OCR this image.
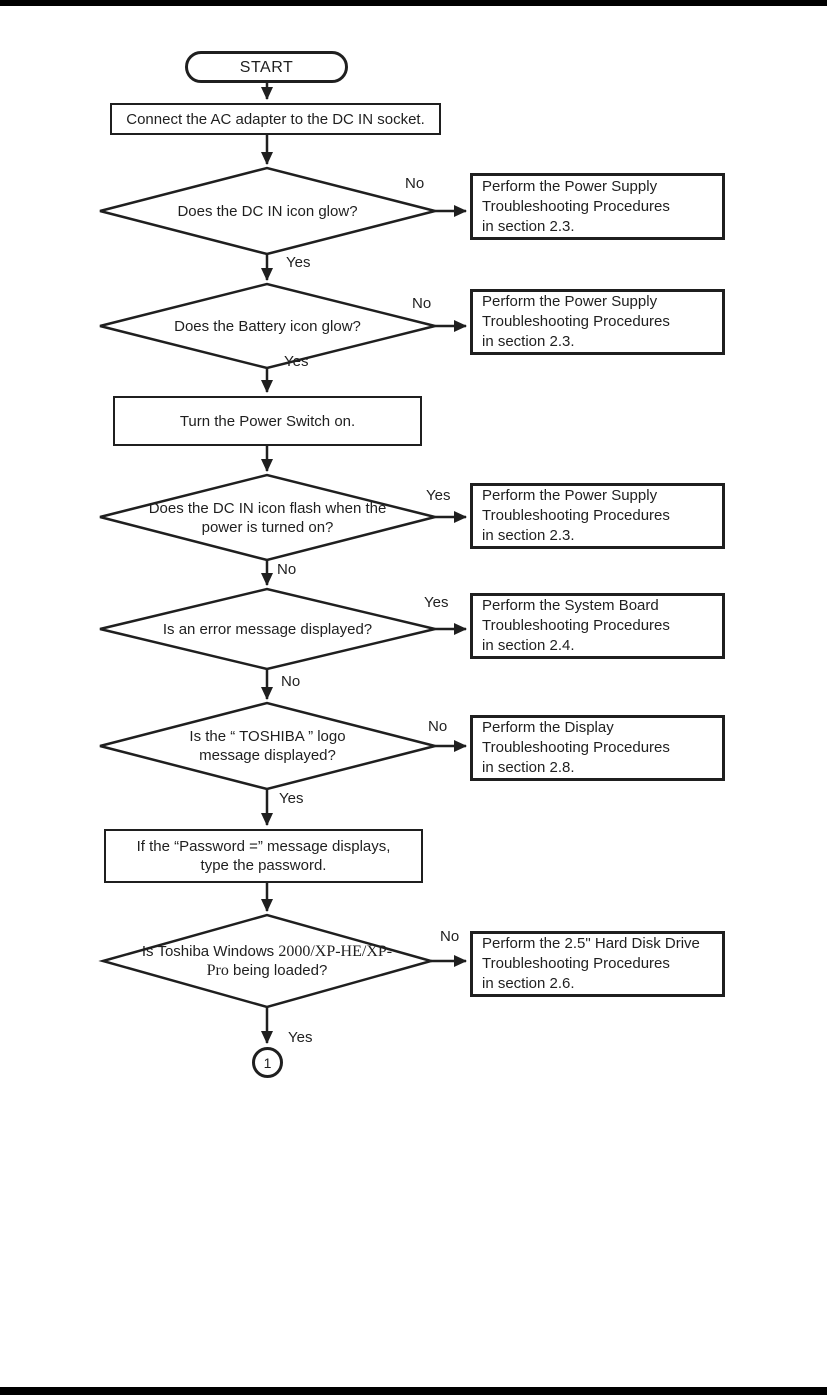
START
Connect the AC adapter to the DC IN socket.
Does the DC IN icon glow?
No
Yes
Perform the Power Supply
Troubleshooting Procedures
in section 2.3.
Does the Battery icon glow?
No
Yes
Perform the Power Supply
Troubleshooting Procedures
in section 2.3.
Turn the Power Switch on.
Does the DC IN icon flash when the
power is turned on?
Yes
No
Perform the Power Supply
Troubleshooting Procedures
in section 2.3.
Is an error message displayed?
Yes
No
Perform the System Board
Troubleshooting Procedures
in section 2.4.
Is the “ TOSHIBA ” logo
message displayed?
No
Yes
Perform the Display
Troubleshooting Procedures
in section 2.8.
If the “Password =” message displays,
type the password.
Is Toshiba Windows 2000/XP-HE/XP-
Pro being loaded?
No
Yes
Perform the 2.5" Hard Disk Drive
Troubleshooting Procedures
in section 2.6.
1
